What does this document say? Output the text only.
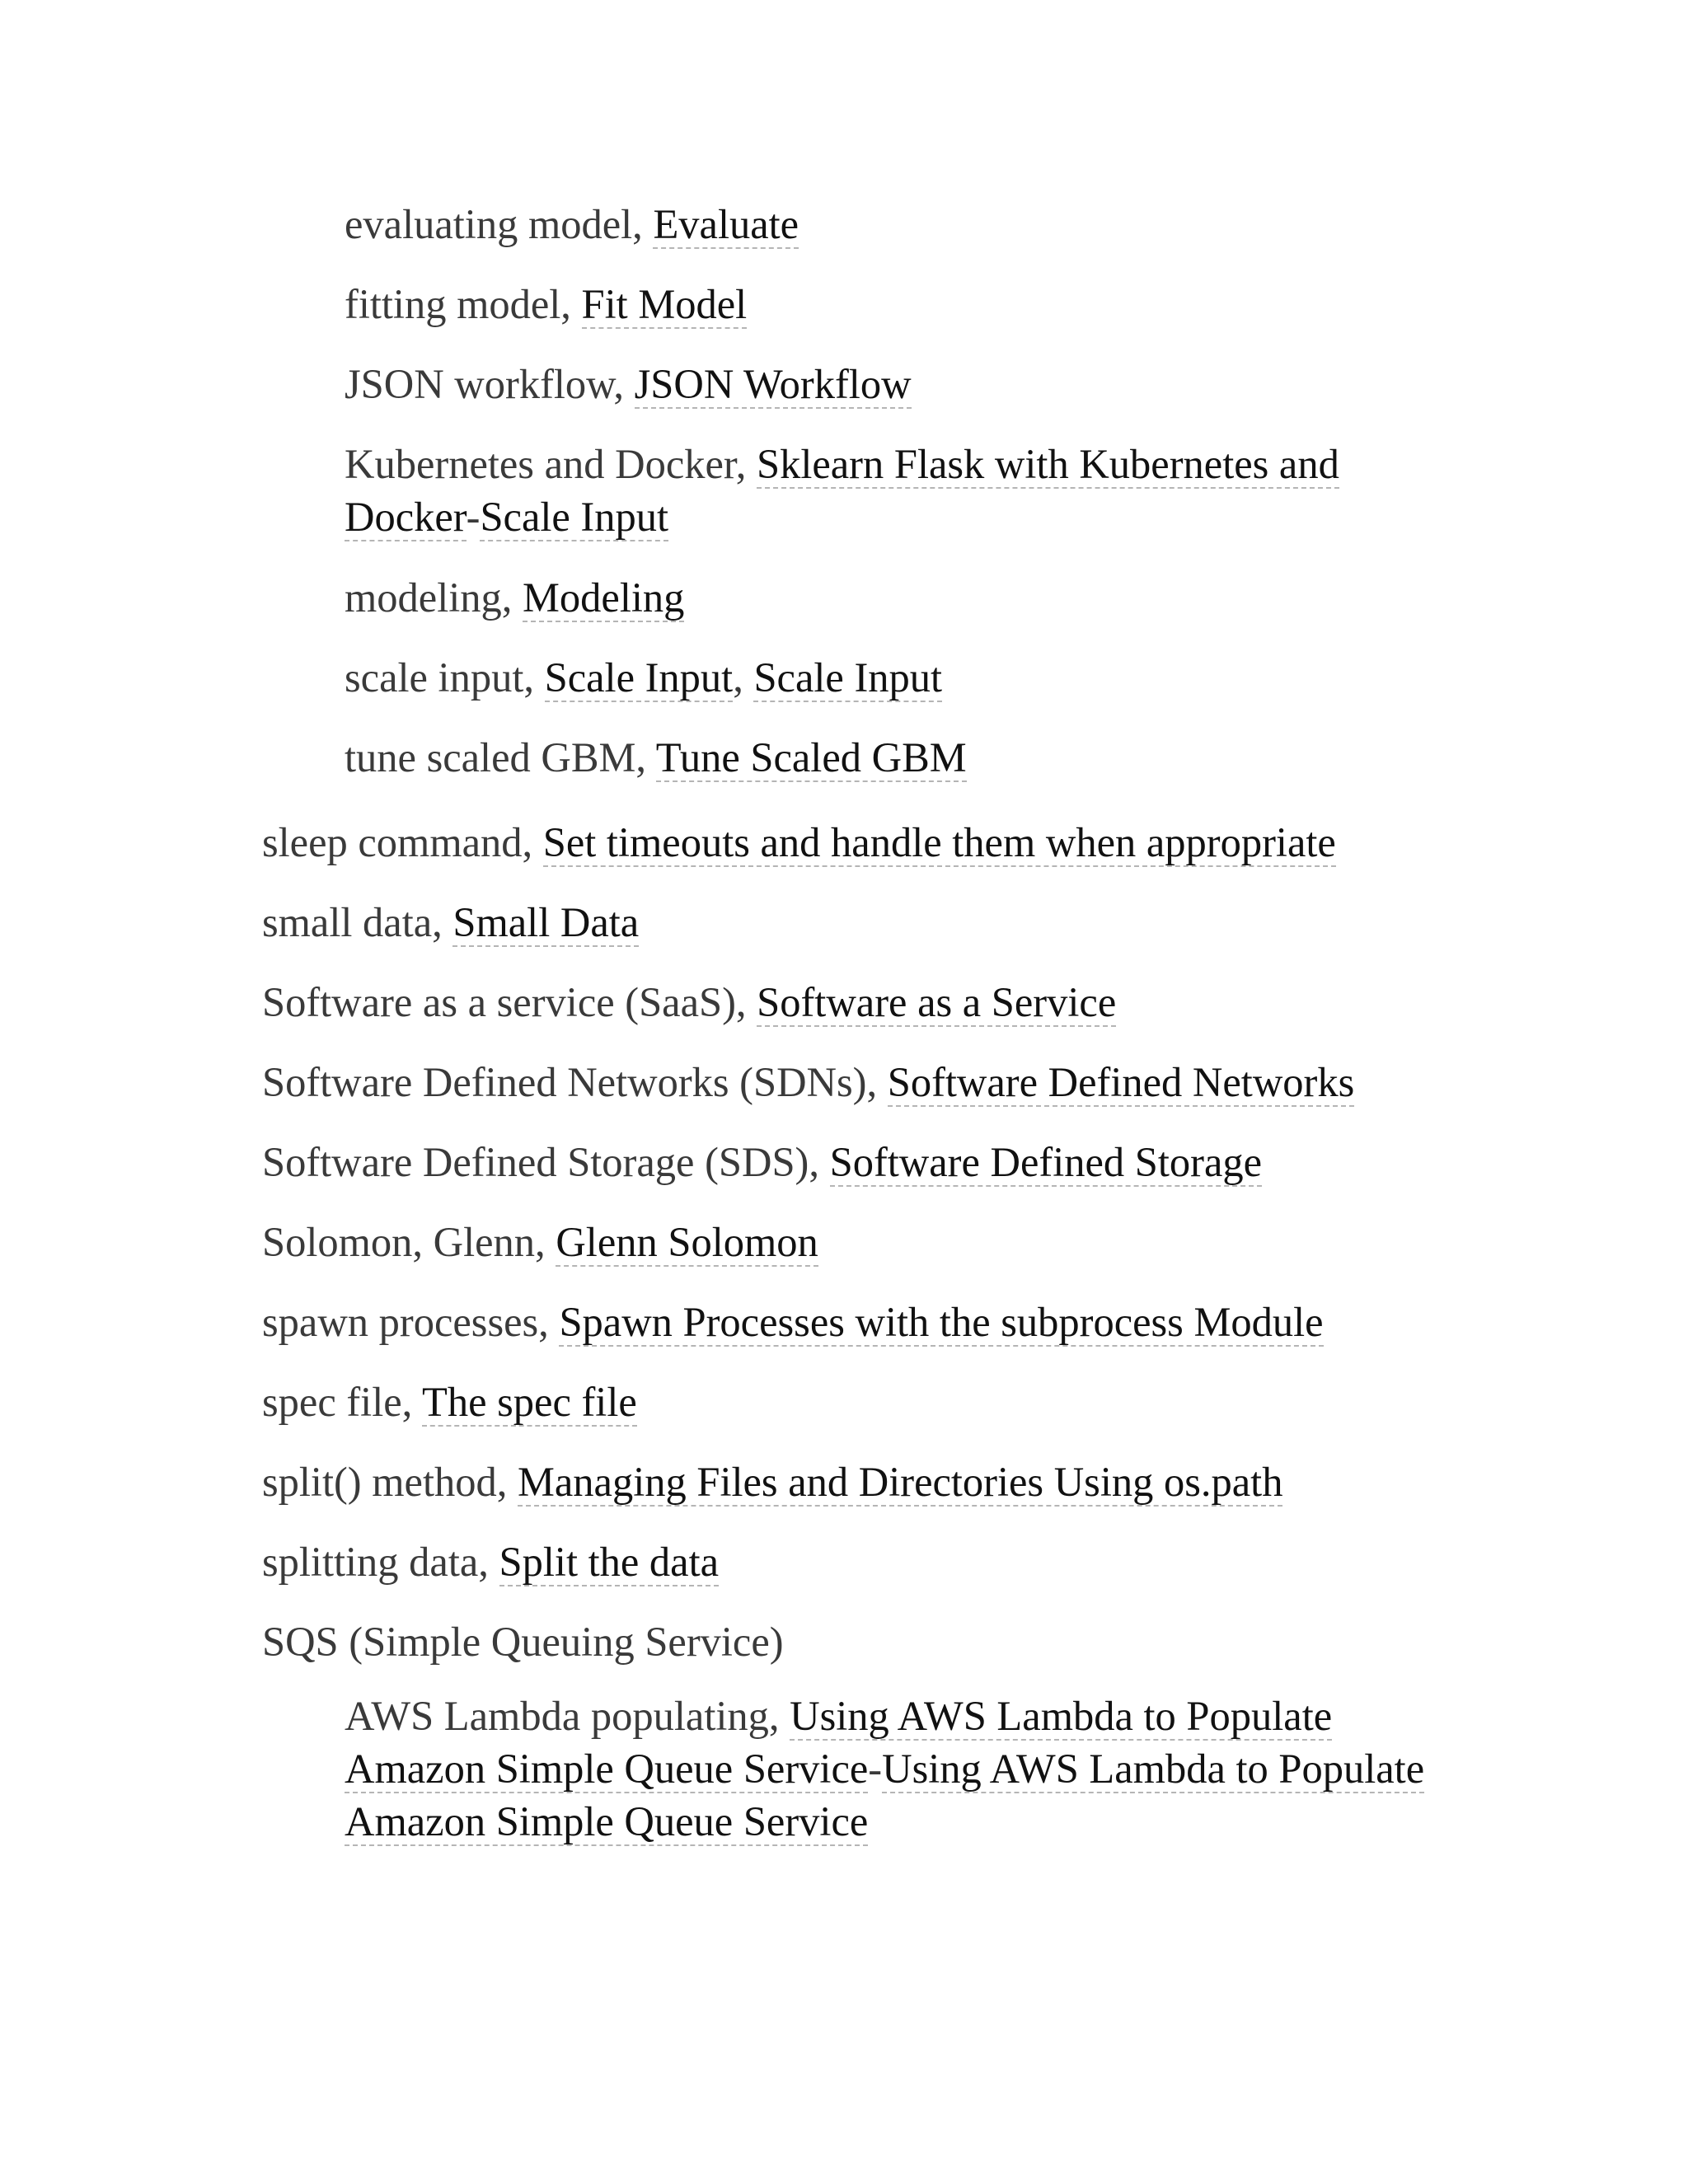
evaluating model, Evaluate
fitting model, Fit Model
JSON workflow, JSON Workflow
Kubernetes and Docker, Sklearn Flask with Kubernetes and
Docker-Scale Input
modeling, Modeling
scale input, Scale Input, Scale Input
tune scaled GBM, Tune Scaled GBM
sleep command, Set timeouts and handle them when appropriate
small data, Small Data
Software as a service (SaaS), Software as a Service
Software Defined Networks (SDNs), Software Defined Networks
Software Defined Storage (SDS), Software Defined Storage
Solomon, Glenn, Glenn Solomon
spawn processes, Spawn Processes with the subprocess Module
spec file, The spec file
split() method, Managing Files and Directories Using os.path
splitting data, Split the data
SQS (Simple Queuing Service)
AWS Lambda populating, Using AWS Lambda to Populate
Amazon Simple Queue Service-Using AWS Lambda to Populate
Amazon Simple Queue Service
